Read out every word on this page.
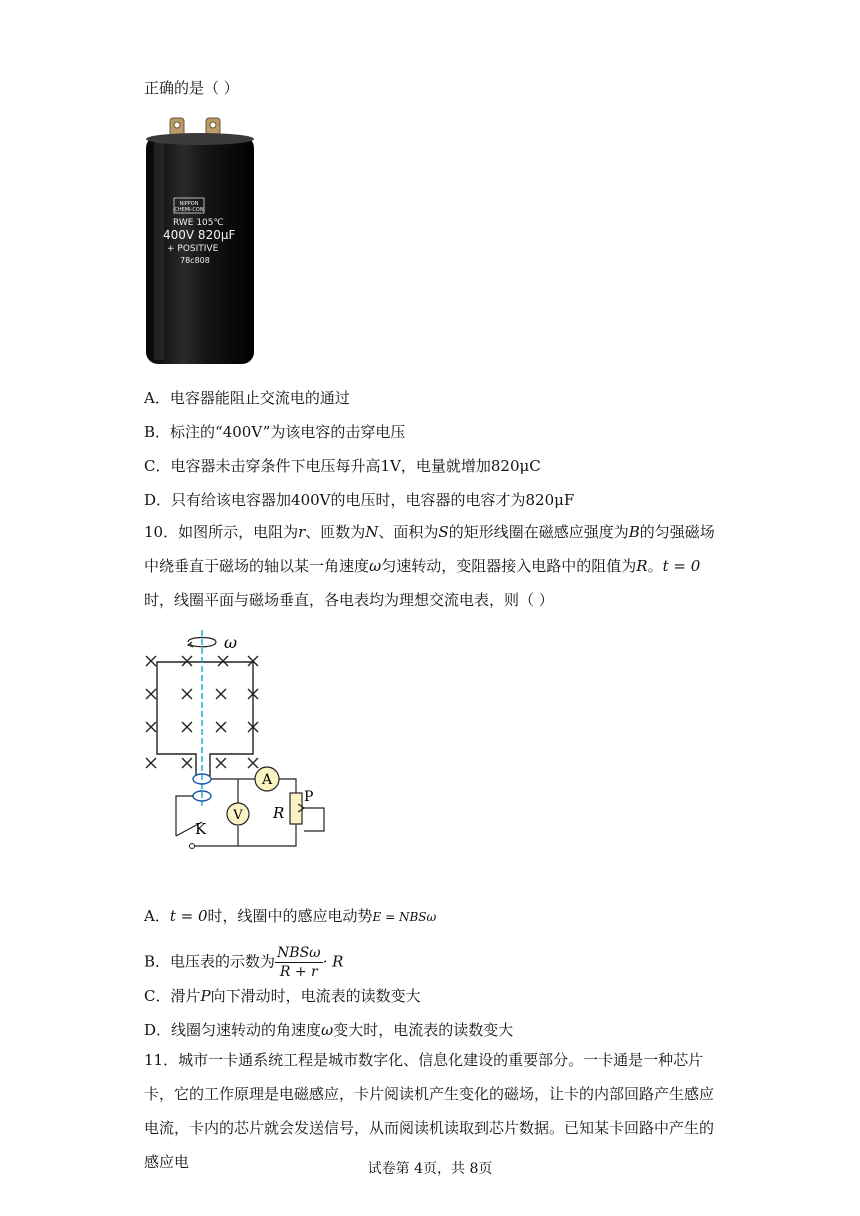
正确的是（ ）
NIPPON
CHEMI-CON
RWE 105℃
400V 820μF
+ POSITIVE
78c808
A．电容器能阻止交流电的通过
B．标注的“400V”为该电容的击穿电压
C．电容器未击穿条件下电压每升高1V，电量就增加820μC
D．只有给该电容器加400V的电压时，电容器的电容才为820μF
10．如图所示，电阻为r、匝数为N、面积为S的矩形线圈在磁感应强度为B的匀强磁场中绕垂直于磁场的轴以某一角速度ω匀速转动，变阻器接入电路中的阻值为R。t = 0时，线圈平面与磁场垂直，各电表均为理想交流电表，则（ ）
ω
A
V
P
R
K
A．t = 0时，线圈中的感应电动势E = NBSω
B．电压表的示数为 $\frac{\text{NBSω}}{R + r} \cdot R$
C．滑片P向下滑动时，电流表的读数变大
D．线圈匀速转动的角速度ω变大时，电流表的读数变大
11．城市一卡通系统工程是城市数字化、信息化建设的重要部分。一卡通是一种芯片卡，它的工作原理是电磁感应，卡片阅读机产生变化的磁场，让卡的内部回路产生感应电流，卡内的芯片就会发送信号，从而阅读机读取到芯片数据。已知某卡回路中产生的感应电	试卷第 4页，共 8页
